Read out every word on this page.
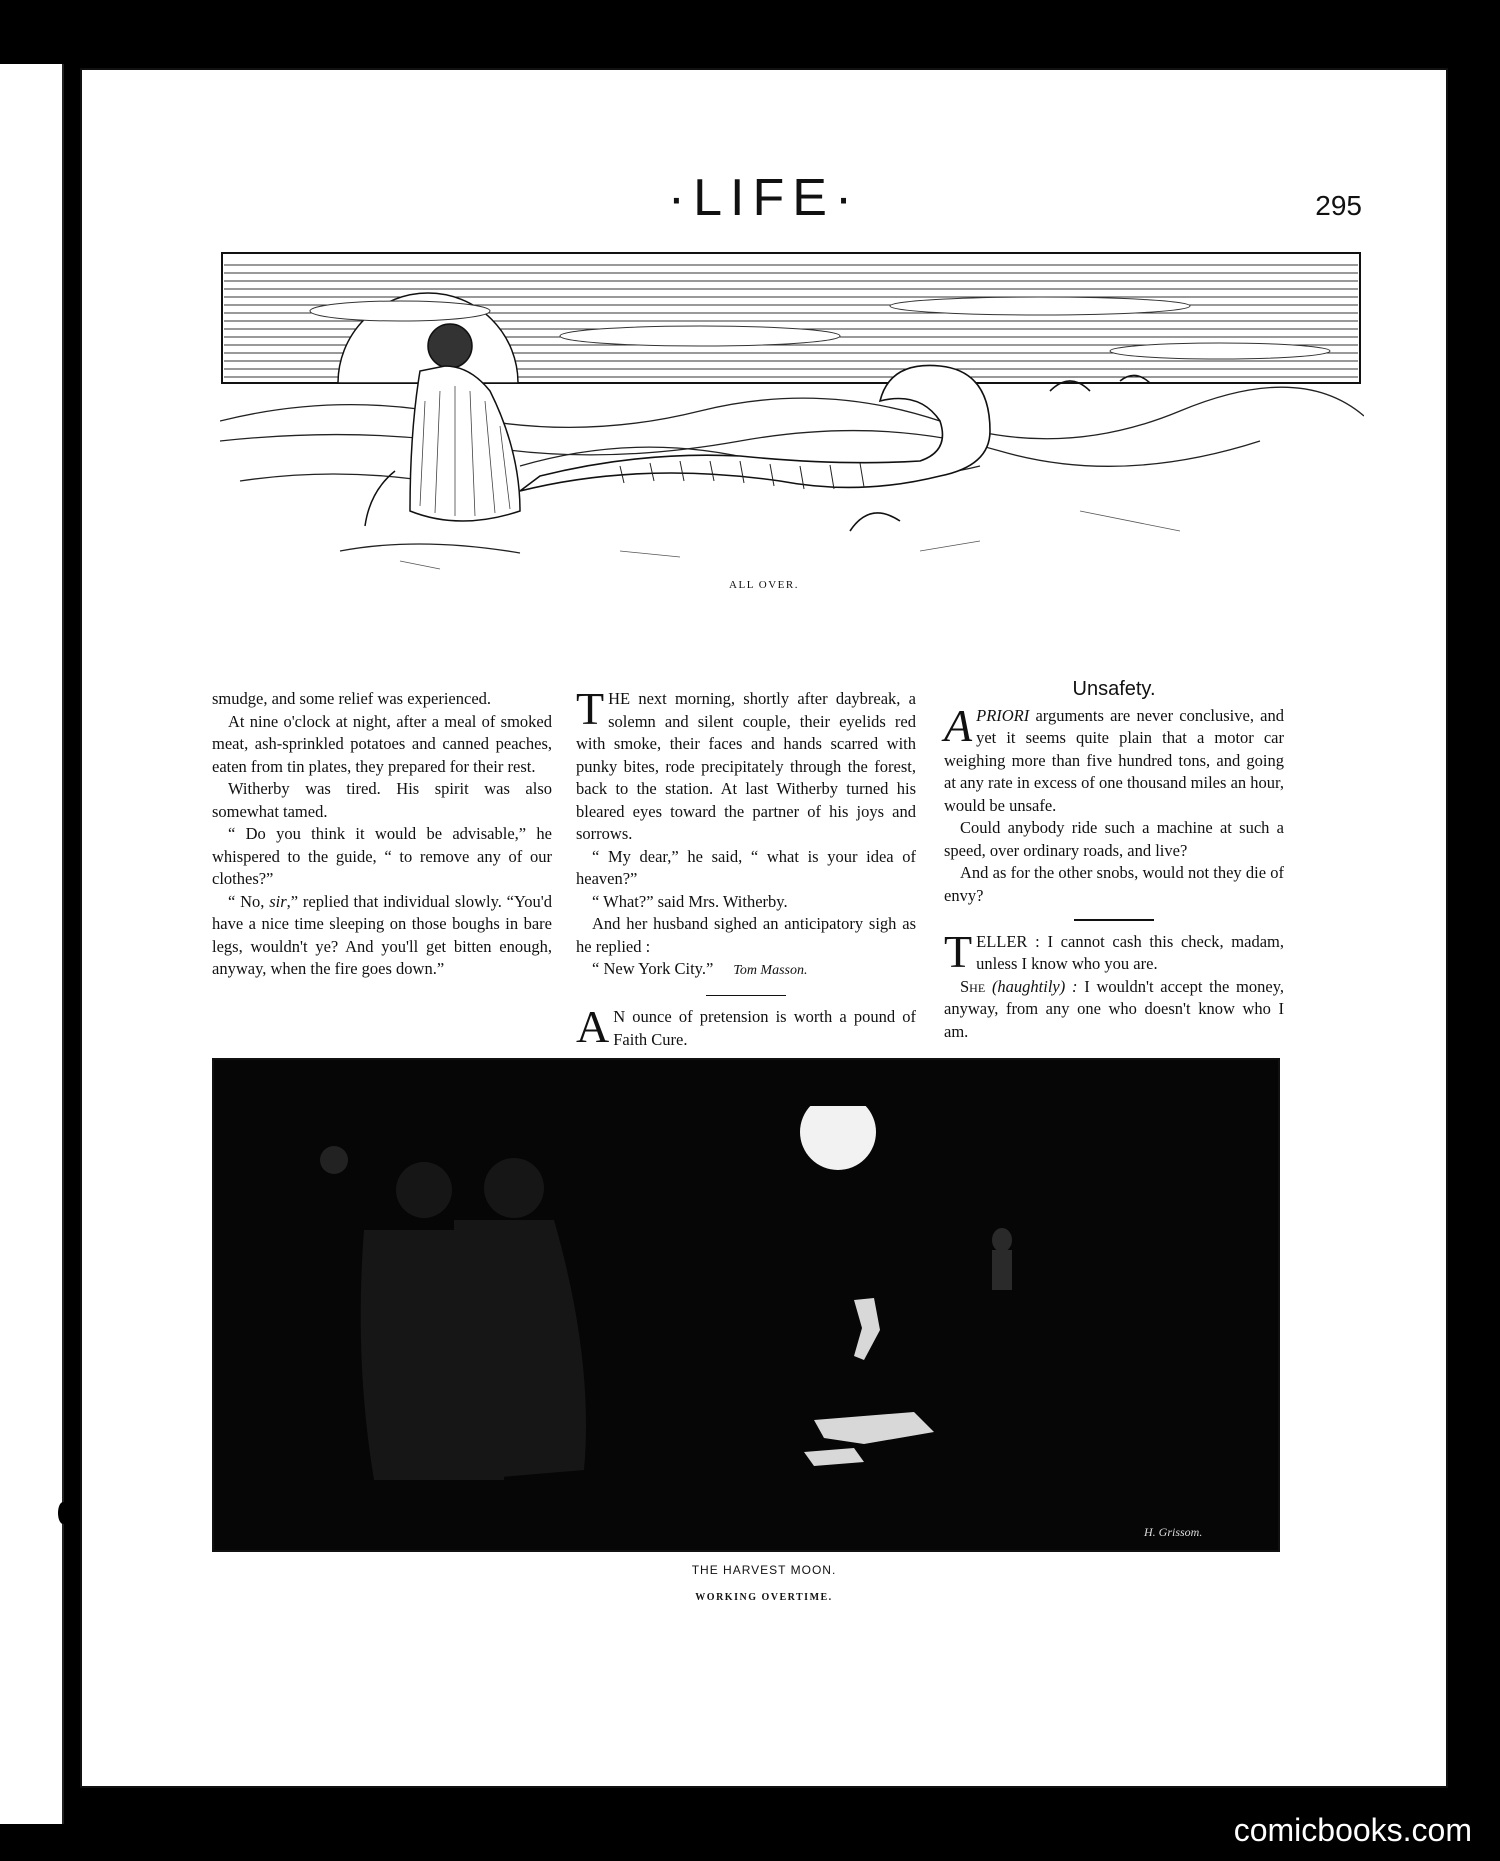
·LIFE·	295
ALL OVER.

smudge, and some relief was experienced.

At nine o'clock at night, after a meal of smoked meat, ash-sprinkled potatoes and canned peaches, eaten from tin plates, they prepared for their rest.

Witherby was tired. His spirit was also somewhat tamed.

“ Do you think it would be advisable,” he whispered to the guide, “ to remove any of our clothes?”

“ No, sir,” replied that individual slowly. “You'd have a nice time sleeping on those boughs in bare legs, wouldn't ye? And you'll get bitten enough, anyway, when the fire goes down.”

THE next morning, shortly after daybreak, a solemn and silent couple, their eyelids red with smoke, their faces and hands scarred with punky bites, rode precipitately through the forest, back to the station. At last Witherby turned his bleared eyes toward the partner of his joys and sorrows.

“ My dear,” he said, “ what is your idea of heaven?”

“ What?” said Mrs. Witherby.

And her husband sighed an anticipatory sigh as he replied :

“ New York City.” Tom Masson.

A N ounce of pretension is worth a pound of Faith Cure.

Unsafety.

APRIORI arguments are never conclusive, and yet it seems quite plain that a motor car weighing more than five hundred tons, and going at any rate in excess of one thousand miles an hour, would be unsafe.

Could anybody ride such a machine at such a speed, over ordinary roads, and live?

And as for the other snobs, would not they die of envy?

TELLER : I cannot cash this check, madam, unless I know who you are.

She (haughtily) : I wouldn't accept the money, anyway, from any one who doesn't know who I am.

H. Grissom.
THE HARVEST MOON.
WORKING OVERTIME.
comicbooks.com
